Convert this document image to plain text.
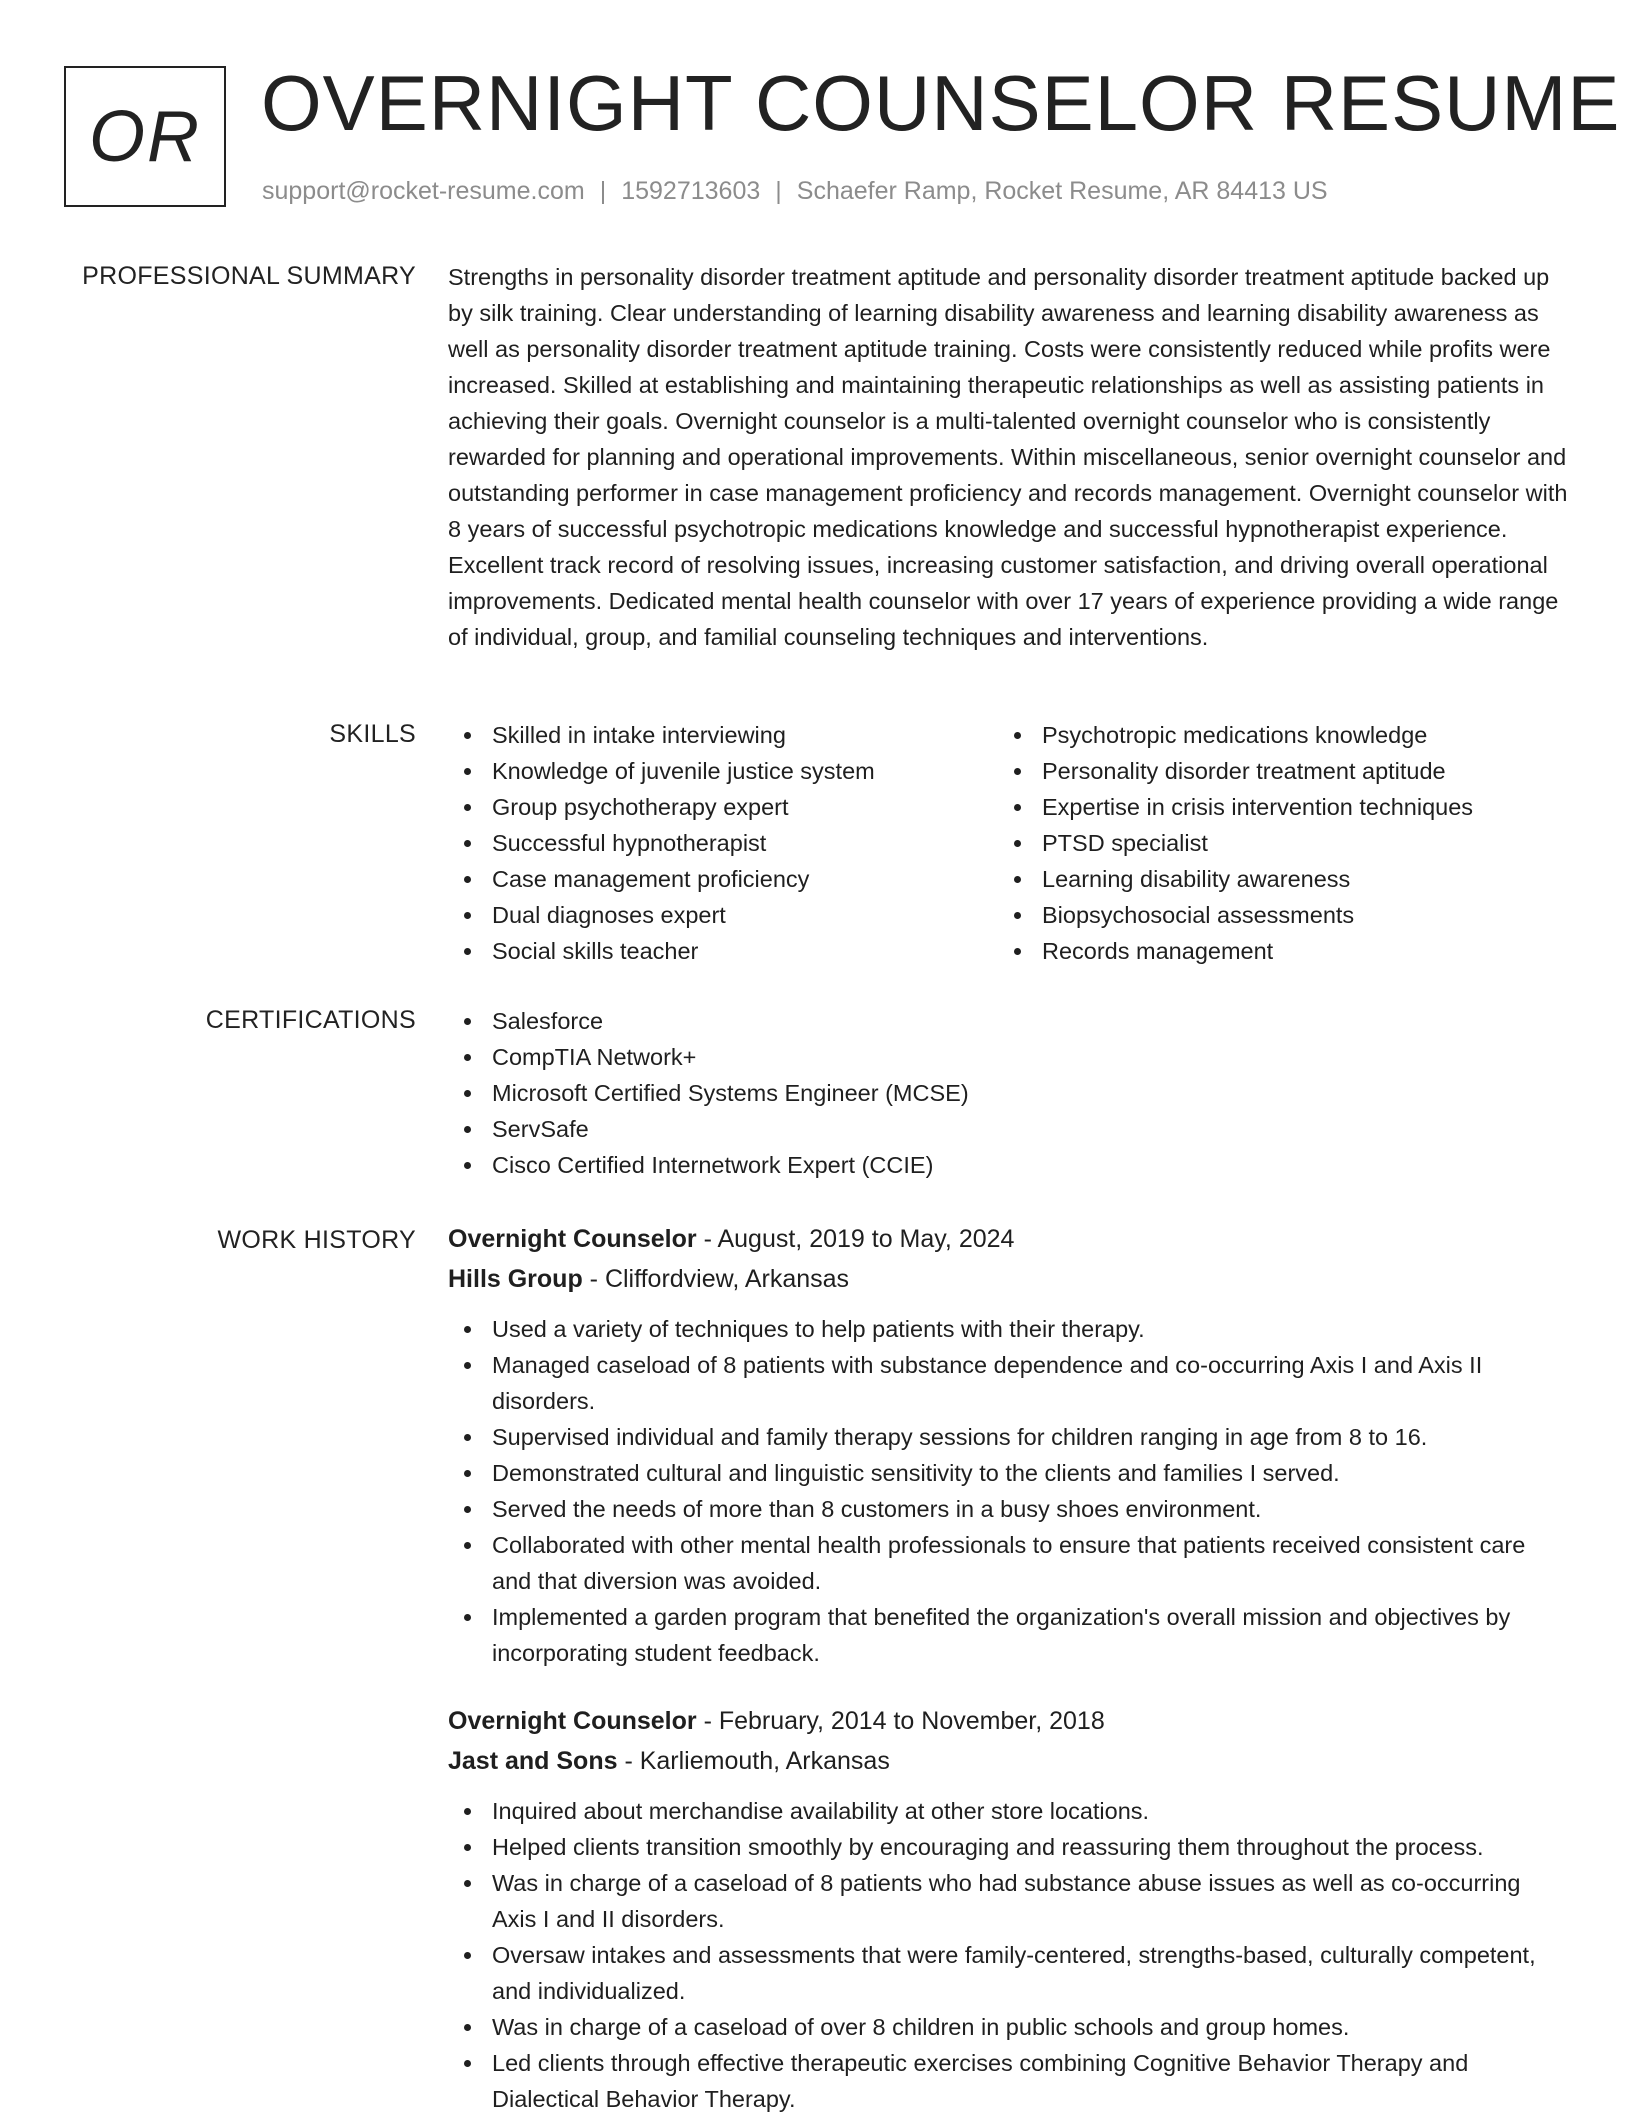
OR OVERNIGHT COUNSELOR RESUME
support@rocket-resume.com | 1592713603 | Schaefer Ramp, Rocket Resume, AR 84413 US
PROFESSIONAL SUMMARY Strengths in personality disorder treatment aptitude and personality disorder treatment aptitude backed up by silk training. Clear understanding of learning disability awareness and learning disability awareness as well as personality disorder treatment aptitude training. Costs were consistently reduced while profits were increased. Skilled at establishing and maintaining therapeutic relationships as well as assisting patients in achieving their goals. Overnight counselor is a multi-talented overnight counselor who is consistently rewarded for planning and operational improvements. Within miscellaneous, senior overnight counselor and outstanding performer in case management proficiency and records management. Overnight counselor with 8 years of successful psychotropic medications knowledge and successful hypnotherapist experience. Excellent track record of resolving issues, increasing customer satisfaction, and driving overall operational improvements. Dedicated mental health counselor with over 17 years of experience providing a wide range of individual, group, and familial counseling techniques and interventions.
SKILLS	Skilled in intake interviewing
Knowledge of juvenile justice system
Group psychotherapy expert
Successful hypnotherapist
Case management proficiency
Dual diagnoses expert
Social skills teacher
Psychotropic medications knowledge
Personality disorder treatment aptitude
Expertise in crisis intervention techniques
PTSD specialist
Learning disability awareness
Biopsychosocial assessments
Records management
CERTIFICATIONS	Salesforce
CompTIA Network+
Microsoft Certified Systems Engineer (MCSE)
ServSafe
Cisco Certified Internetwork Expert (CCIE)
WORK HISTORY Overnight Counselor - August, 2019 to May, 2024
Hills Group - Cliffordview, Arkansas
Used a variety of techniques to help patients with their therapy.
Managed caseload of 8 patients with substance dependence and co-occurring Axis I and Axis II disorders.
Supervised individual and family therapy sessions for children ranging in age from 8 to 16.
Demonstrated cultural and linguistic sensitivity to the clients and families I served.
Served the needs of more than 8 customers in a busy shoes environment.
Collaborated with other mental health professionals to ensure that patients received consistent care and that diversion was avoided.
Implemented a garden program that benefited the organization's overall mission and objectives by incorporating student feedback.
Overnight Counselor - February, 2014 to November, 2018
Jast and Sons - Karliemouth, Arkansas
Inquired about merchandise availability at other store locations.
Helped clients transition smoothly by encouraging and reassuring them throughout the process.
Was in charge of a caseload of 8 patients who had substance abuse issues as well as co-occurring Axis I and II disorders.
Oversaw intakes and assessments that were family-centered, strengths-based, culturally competent, and individualized.
Was in charge of a caseload of over 8 children in public schools and group homes.
Led clients through effective therapeutic exercises combining Cognitive Behavior Therapy and Dialectical Behavior Therapy.
